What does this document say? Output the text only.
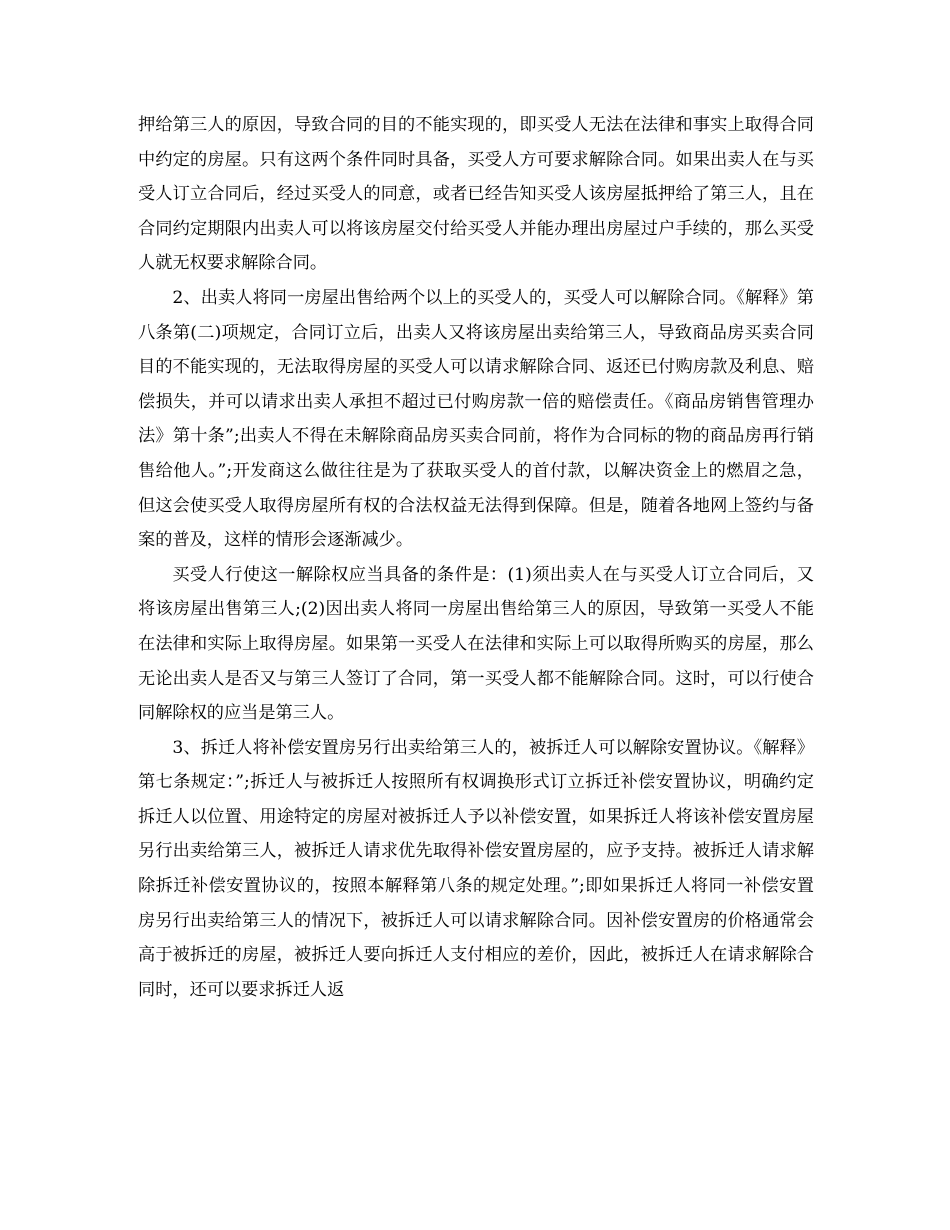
押给第三人的原因，导致合同的目的不能实现的，即买受人无法在法律和事实上取得合同中约定的房屋。只有这两个条件同时具备，买受人方可要求解除合同。如果出卖人在与买受人订立合同后，经过买受人的同意，或者已经告知买受人该房屋抵押给了第三人，且在合同约定期限内出卖人可以将该房屋交付给买受人并能办理出房屋过户手续的，那么买受人就无权要求解除合同。

2、出卖人将同一房屋出售给两个以上的买受人的，买受人可以解除合同。《解释》第八条第(二)项规定，合同订立后，出卖人又将该房屋出卖给第三人，导致商品房买卖合同目的不能实现的，无法取得房屋的买受人可以请求解除合同、返还已付购房款及利息、赔偿损失，并可以请求出卖人承担不超过已付购房款一倍的赔偿责任。《商品房销售管理办法》第十条”;出卖人不得在未解除商品房买卖合同前，将作为合同标的物的商品房再行销售给他人。”;开发商这么做往往是为了获取买受人的首付款，以解决资金上的燃眉之急，但这会使买受人取得房屋所有权的合法权益无法得到保障。但是，随着各地网上签约与备案的普及，这样的情形会逐渐减少。

买受人行使这一解除权应当具备的条件是：(1)须出卖人在与买受人订立合同后，又将该房屋出售第三人;(2)因出卖人将同一房屋出售给第三人的原因，导致第一买受人不能在法律和实际上取得房屋。如果第一买受人在法律和实际上可以取得所购买的房屋，那么无论出卖人是否又与第三人签订了合同，第一买受人都不能解除合同。这时，可以行使合同解除权的应当是第三人。

3、拆迁人将补偿安置房另行出卖给第三人的，被拆迁人可以解除安置协议。《解释》第七条规定：”;拆迁人与被拆迁人按照所有权调换形式订立拆迁补偿安置协议，明确约定拆迁人以位置、用途特定的房屋对被拆迁人予以补偿安置，如果拆迁人将该补偿安置房屋另行出卖给第三人，被拆迁人请求优先取得补偿安置房屋的，应予支持。被拆迁人请求解除拆迁补偿安置协议的，按照本解释第八条的规定处理。”;即如果拆迁人将同一补偿安置房另行出卖给第三人的情况下，被拆迁人可以请求解除合同。因补偿安置房的价格通常会高于被拆迁的房屋，被拆迁人要向拆迁人支付相应的差价，因此，被拆迁人在请求解除合同时，还可以要求拆迁人返
